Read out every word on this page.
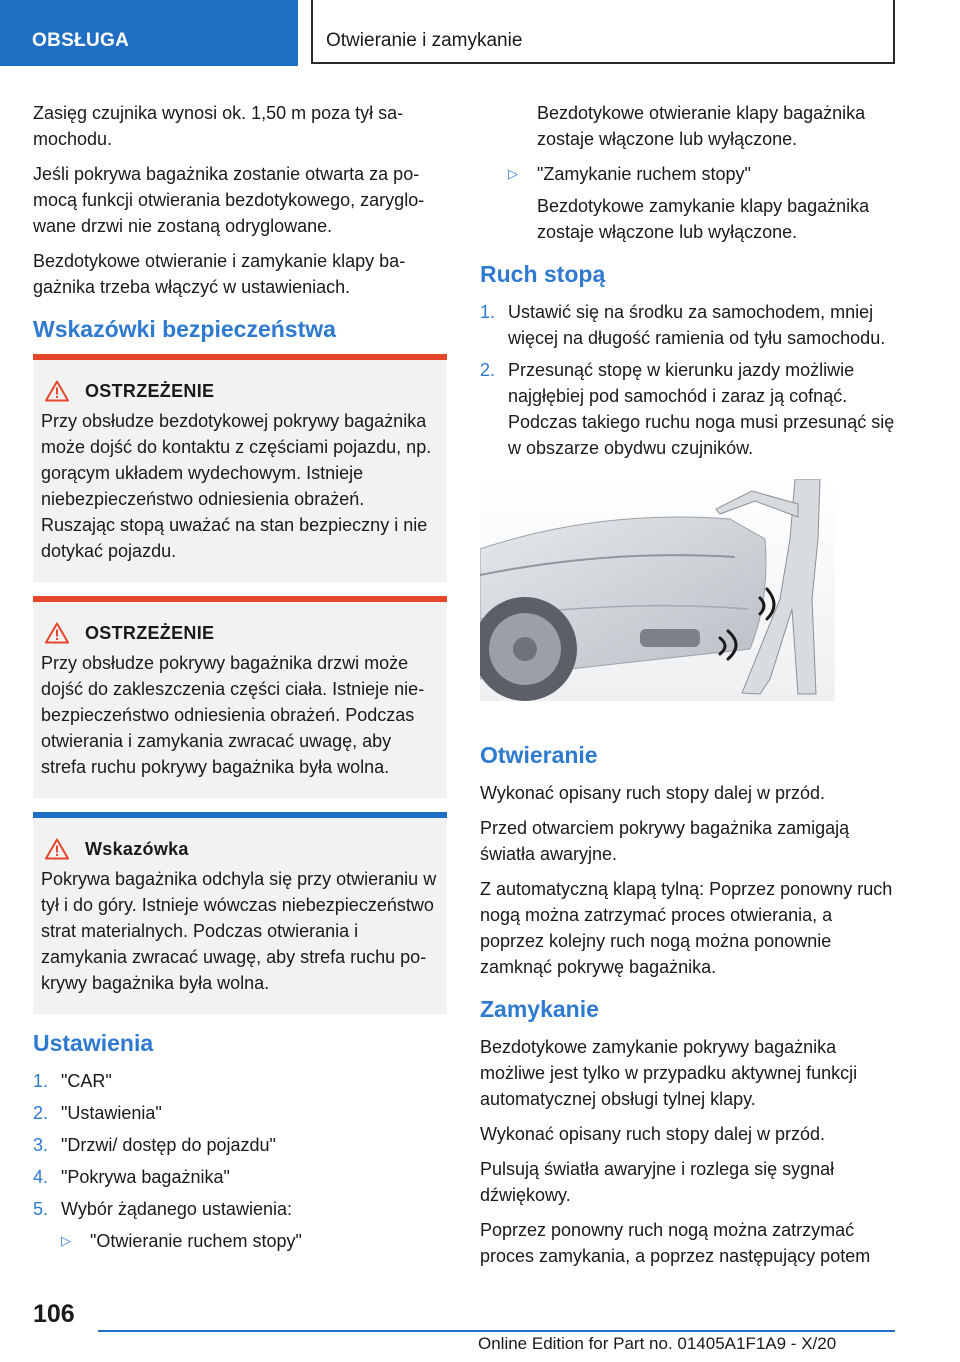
OBSŁUGA	Otwieranie i zamykanie

Zasięg czujnika wynosi ok. 1,50 m poza tył samochodu.

Jeśli pokrywa bagażnika zostanie otwarta za pomocą funkcji otwierania bezdotykowego, zaryglowane drzwi nie zostaną odryglowane.

Bezdotykowe otwieranie i zamykanie klapy bagażnika trzeba włączyć w ustawieniach.

Wskazówki bezpieczeństwa
OSTRZEŻENIE

Przy obsłudze bezdotykowej pokrywy bagażnika może dojść do kontaktu z częściami pojazdu, np. gorącym układem wydechowym. Istnieje niebezpieczeństwo odniesienia obrażeń. Ruszając stopą uważać na stan bezpieczny i nie dotykać pojazdu.

OSTRZEŻENIE

Przy obsłudze pokrywy bagażnika drzwi może dojść do zakleszczenia części ciała. Istnieje niebezpieczeństwo odniesienia obrażeń. Podczas otwierania i zamykania zwracać uwagę, aby strefa ruchu pokrywy bagażnika była wolna.

Wskazówka

Pokrywa bagażnika odchyla się przy otwieraniu w tył i do góry. Istnieje wówczas niebezpieczeństwo strat materialnych. Podczas otwierania i zamykania zwracać uwagę, aby strefa ruchu pokrywy bagażnika była wolna.

Ustawienia
1. "CAR"
2. "Ustawienia"
3. "Drzwi/ dostęp do pojazdu"
4. "Pokrywa bagażnika"
5. Wybór żądanego ustawienia:
▷	"Otwieranie ruchem stopy"

Bezdotykowe otwieranie klapy bagażnika zostaje włączone lub wyłączone.

▷	"Zamykanie ruchem stopy"

Bezdotykowe zamykanie klapy bagażnika zostaje włączone lub wyłączone.

Ruch stopą
1. Ustawić się na środku za samochodem, mniej więcej na długość ramienia od tyłu samochodu.
2. Przesunąć stopę w kierunku jazdy możliwie najgłębiej pod samochód i zaraz ją cofnąć. Podczas takiego ruchu noga musi przesunąć się w obszarze obydwu czujników.
Otwieranie

Wykonać opisany ruch stopy dalej w przód.

Przed otwarciem pokrywy bagażnika zamigają światła awaryjne.

Z automatyczną klapą tylną: Poprzez ponowny ruch nogą można zatrzymać proces otwierania, a poprzez kolejny ruch nogą można ponownie zamknąć pokrywę bagażnika.

Zamykanie

Bezdotykowe zamykanie pokrywy bagażnika możliwe jest tylko w przypadku aktywnej funkcji automatycznej obsługi tylnej klapy.

Wykonać opisany ruch stopy dalej w przód.

Pulsują światła awaryjne i rozlega się sygnał dźwiękowy.

Poprzez ponowny ruch nogą można zatrzymać proces zamykania, a poprzez następujący potem

106
Online Edition for Part no. 01405A1F1A9 - X/20
